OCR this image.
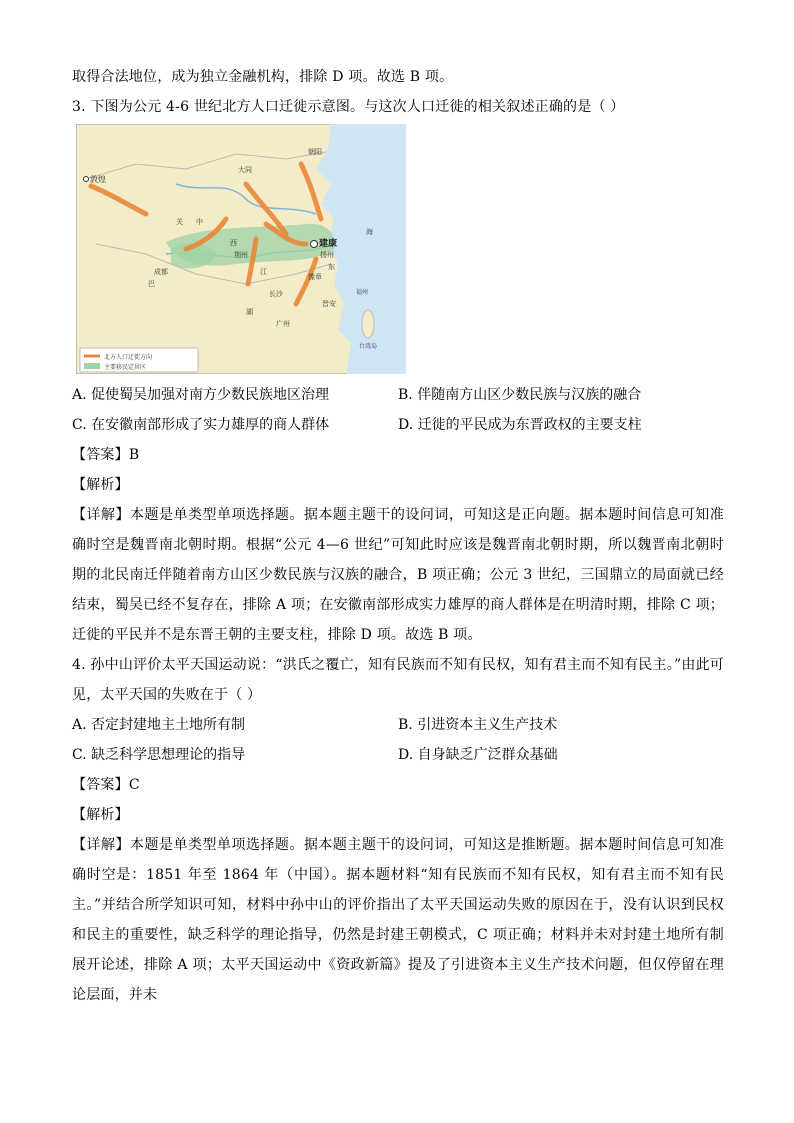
取得合法地位，成为独立金融机构，排除 D 项。故选 B 项。
3. 下图为公元 4-6 世纪北方人口迁徙示意图。与这次人口迁徙的相关叙述正确的是（ ）
敦煌
朝阳
大同
关 中
建康
扬州
荆州
成都
长沙
豫章
广州
晋安
西
巴
湖
江
东
台湾岛
福州
海
北方人口迁徙方向
主要移民定居区
A. 促使蜀吴加强对南方少数民族地区治理	B. 伴随南方山区少数民族与汉族的融合
C. 在安徽南部形成了实力雄厚的商人群体	D. 迁徙的平民成为东晋政权的主要支柱
【答案】B
【解析】
【详解】本题是单类型单项选择题。据本题主题干的设问词，可知这是正向题。据本题时间信息可知准确时空是魏晋南北朝时期。根据“公元 4—6 世纪”可知此时应该是魏晋南北朝时期，所以魏晋南北朝时期的北民南迁伴随着南方山区少数民族与汉族的融合，B 项正确；公元 3 世纪，三国鼎立的局面就已经结束，蜀吴已经不复存在，排除 A 项；在安徽南部形成实力雄厚的商人群体是在明清时期，排除 C 项；迁徙的平民并不是东晋王朝的主要支柱，排除 D 项。故选 B 项。
4. 孙中山评价太平天国运动说：“洪氏之覆亡，知有民族而不知有民权，知有君主而不知有民主。”由此可见，太平天国的失败在于（ ）
A. 否定封建地主土地所有制	B. 引进资本主义生产技术
C. 缺乏科学思想理论的指导	D. 自身缺乏广泛群众基础
【答案】C
【解析】
【详解】本题是单类型单项选择题。据本题主题干的设问词，可知这是推断题。据本题时间信息可知准确时空是：1851 年至 1864 年（中国）。据本题材料“知有民族而不知有民权，知有君主而不知有民主。”并结合所学知识可知，材料中孙中山的评价指出了太平天国运动失败的原因在于，没有认识到民权和民主的重要性，缺乏科学的理论指导，仍然是封建王朝模式，C 项正确；材料并未对封建土地所有制展开论述，排除 A 项；太平天国运动中《资政新篇》提及了引进资本主义生产技术问题，但仅停留在理论层面，并未
